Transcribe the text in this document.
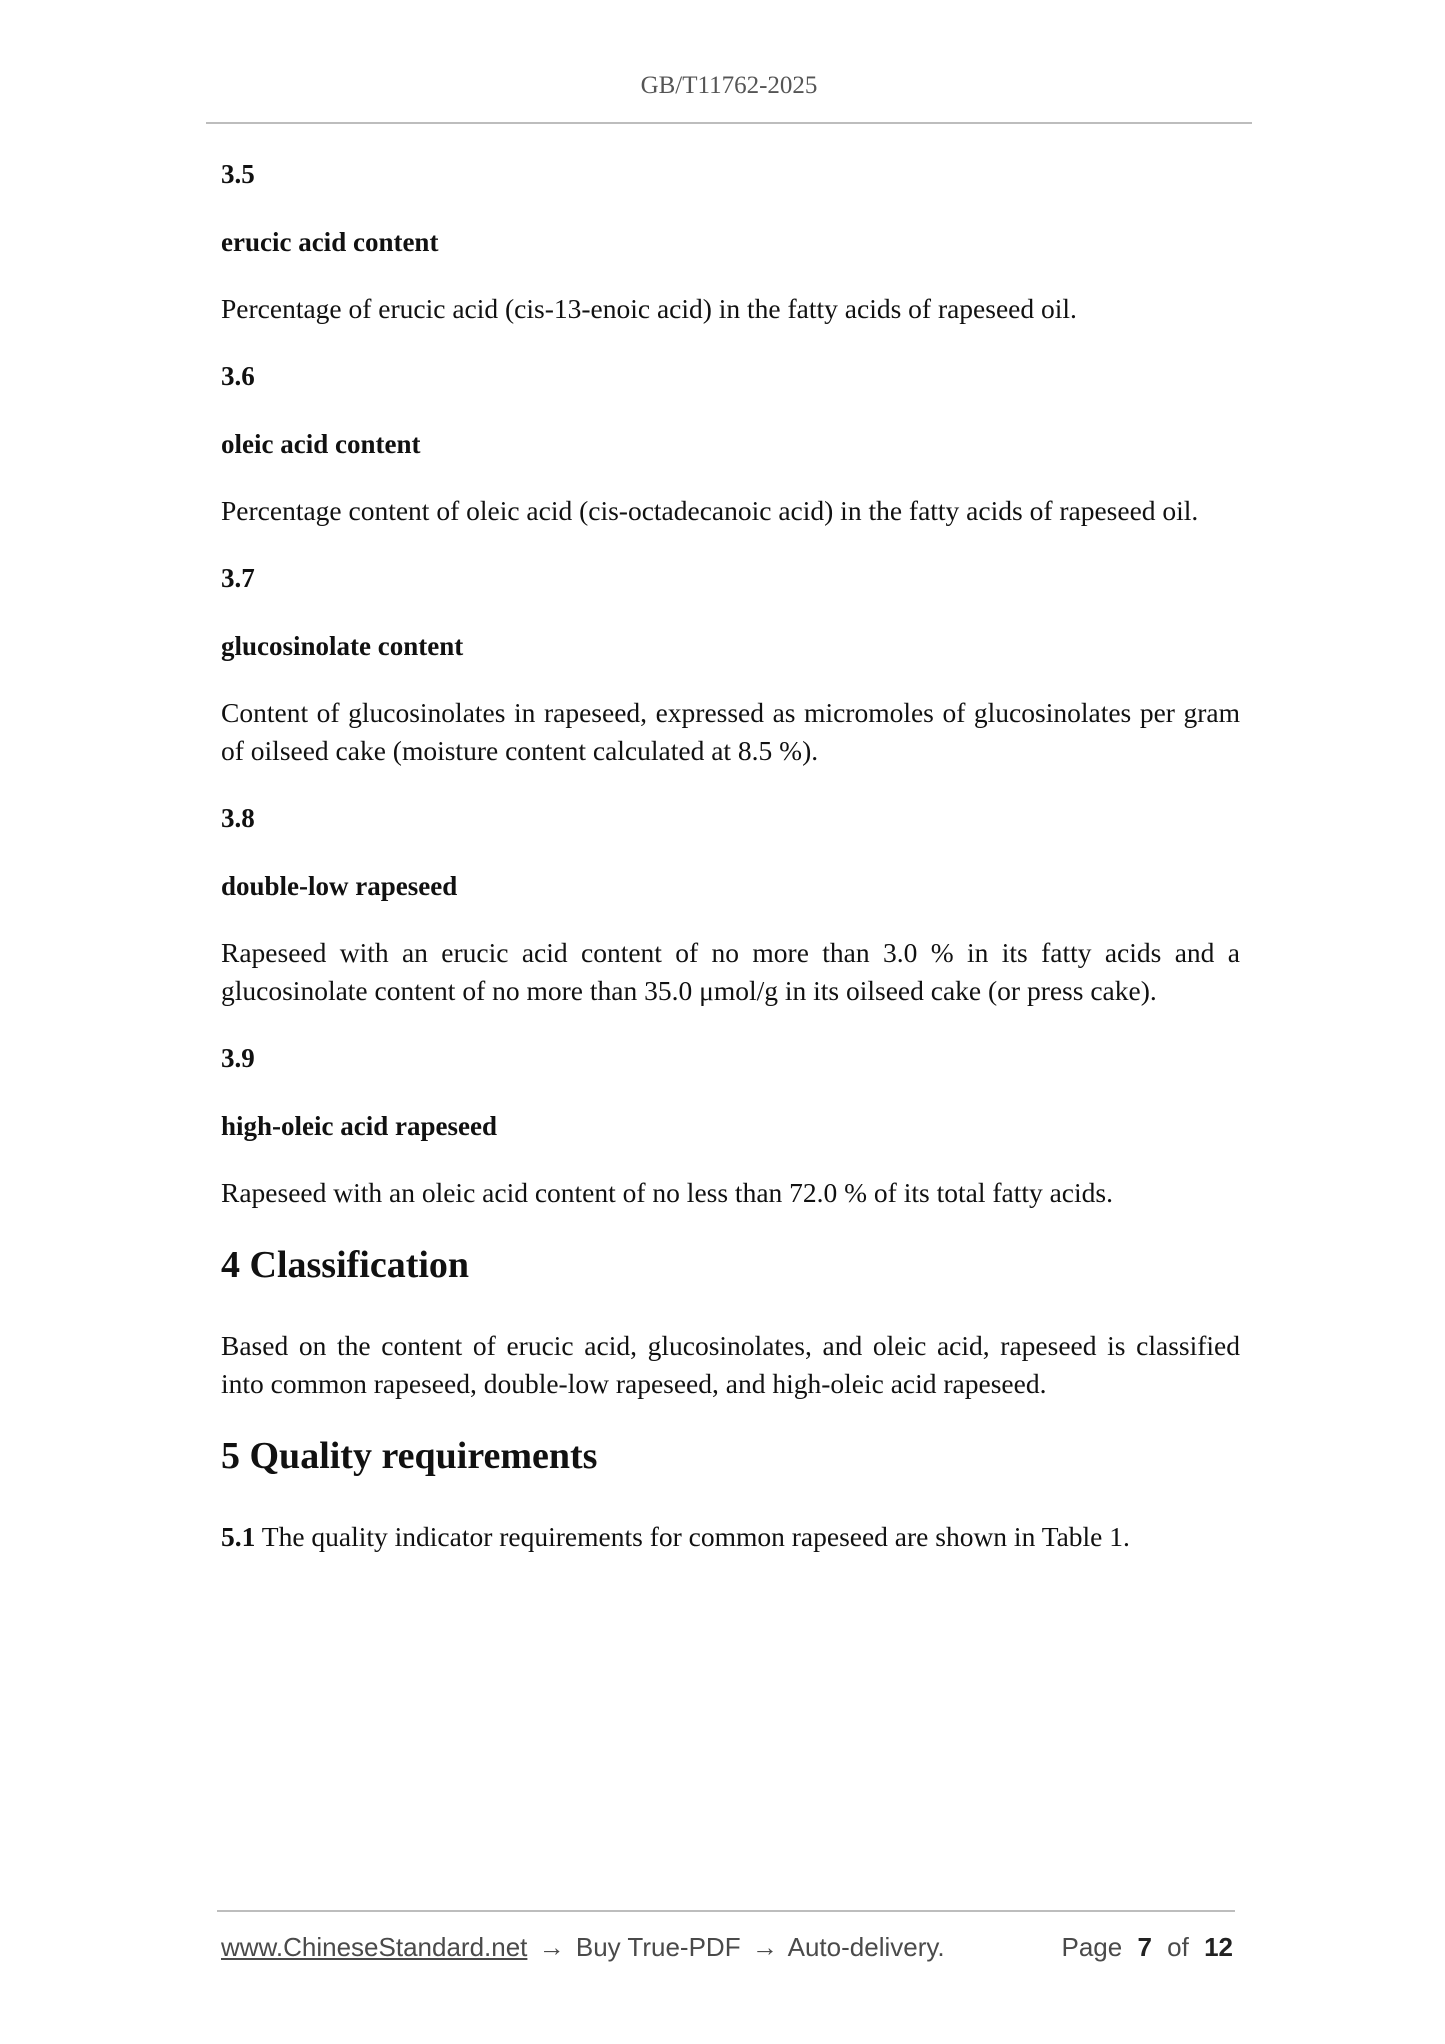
GB/T11762-2025
3.5
erucic acid content
Percentage of erucic acid (cis-13-enoic acid) in the fatty acids of rapeseed oil.
3.6
oleic acid content
Percentage content of oleic acid (cis-octadecanoic acid) in the fatty acids of rapeseed oil.
3.7
glucosinolate content
Content of glucosinolates in rapeseed, expressed as micromoles of glucosinolates per gram of oilseed cake (moisture content calculated at 8.5 %).
3.8
double-low rapeseed
Rapeseed with an erucic acid content of no more than 3.0 % in its fatty acids and a glucosinolate content of no more than 35.0 μmol/g in its oilseed cake (or press cake).
3.9
high-oleic acid rapeseed
Rapeseed with an oleic acid content of no less than 72.0 % of its total fatty acids.
4 Classification
Based on the content of erucic acid, glucosinolates, and oleic acid, rapeseed is classified into common rapeseed, double-low rapeseed, and high-oleic acid rapeseed.
5 Quality requirements
5.1 The quality indicator requirements for common rapeseed are shown in Table 1.
www.ChineseStandard.net → Buy True-PDF → Auto-delivery.	Page 7 of 12
